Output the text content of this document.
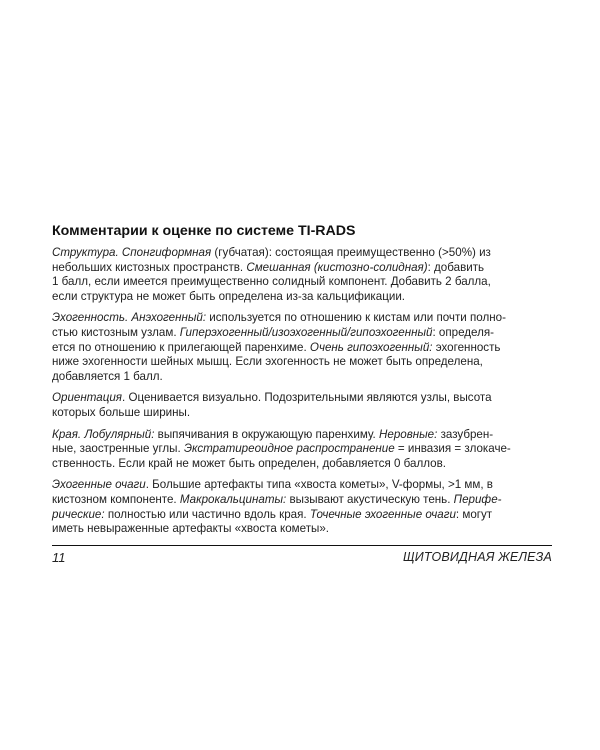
Комментарии к оценке по системе TI-RADS
Структура. Спонгиформная (губчатая): состоящая преимущественно (>50%) из
небольших кистозных пространств. Смешанная (кистозно-солидная): добавить
1 балл, если имеется преимущественно солидный компонент. Добавить 2 балла,
если структура не может быть определена из-за кальцификации.
Эхогенность. Анэхогенный: используется по отношению к кистам или почти полно-
стью кистозным узлам. Гиперэхогенный/изоэхогенный/гипоэхогенный: определя-
ется по отношению к прилегающей паренхиме. Очень гипоэхогенный: эхогенность
ниже эхогенности шейных мышц. Если эхогенность не может быть определена,
добавляется 1 балл.
Ориентация. Оценивается визуально. Подозрительными являются узлы, высота
которых больше ширины.
Края. Лобулярный: выпячивания в окружающую паренхиму. Неровные: зазубрен-
ные, заостренные углы. Экстратиреоидное распространение = инвазия = злокаче-
ственность. Если край не может быть определен, добавляется 0 баллов.
Эхогенные очаги. Большие артефакты типа «хвоста кометы», V-формы, >1 мм, в
кистозном компоненте. Макрокальцинаты: вызывают акустическую тень. Перифе-
рические: полностью или частично вдоль края. Точечные эхогенные очаги: могут
иметь невыраженные артефакты «хвоста кометы».
11	ЩИТОВИДНАЯ ЖЕЛЕЗА
